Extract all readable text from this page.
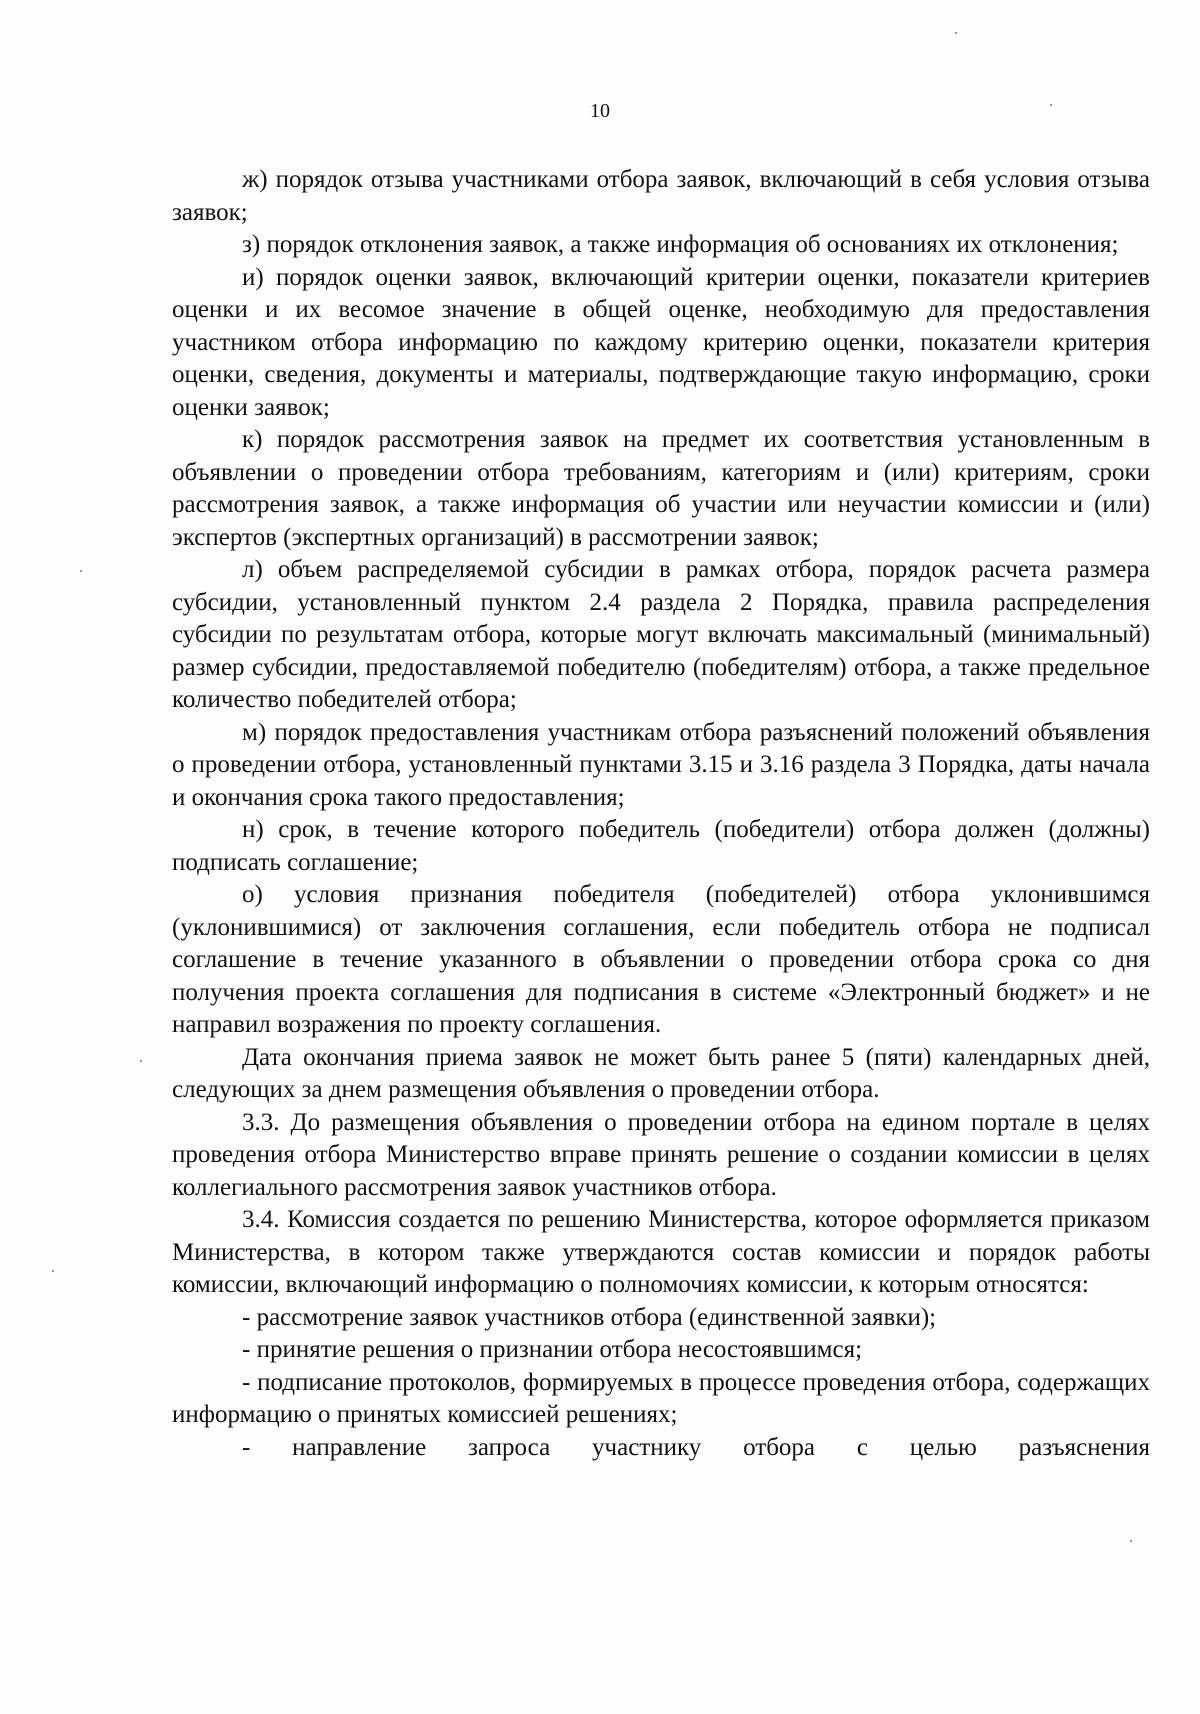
10

ж) порядок отзыва участниками отбора заявок, включающий в себя условия отзыва заявок;

з) порядок отклонения заявок, а также информация об основаниях их отклонения;

и) порядок оценки заявок, включающий критерии оценки, показатели критериев оценки и их весомое значение в общей оценке, необходимую для предоставления участником отбора информацию по каждому критерию оценки, показатели критерия оценки, сведения, документы и материалы, подтверждающие такую информацию, сроки оценки заявок;

к) порядок рассмотрения заявок на предмет их соответствия установленным в объявлении о проведении отбора требованиям, категориям и (или) критериям, сроки рассмотрения заявок, а также информация об участии или неучастии комиссии и (или) экспертов (экспертных организаций) в рассмотрении заявок;

л) объем распределяемой субсидии в рамках отбора, порядок расчета размера субсидии, установленный пунктом 2.4 раздела 2 Порядка, правила распределения субсидии по результатам отбора, которые могут включать максимальный (минимальный) размер субсидии, предоставляемой победителю (победителям) отбора, а также предельное количество победителей отбора;

м) порядок предоставления участникам отбора разъяснений положений объявления о проведении отбора, установленный пунктами 3.15 и 3.16 раздела 3 Порядка, даты начала и окончания срока такого предоставления;

н) срок, в течение которого победитель (победители) отбора должен (должны) подписать соглашение;

о) условия признания победителя (победителей) отбора уклонившимся (уклонившимися) от заключения соглашения, если победитель отбора не подписал соглашение в течение указанного в объявлении о проведении отбора срока со дня получения проекта соглашения для подписания в системе «Электронный бюджет» и не направил возражения по проекту соглашения.

Дата окончания приема заявок не может быть ранее 5 (пяти) календарных дней, следующих за днем размещения объявления о проведении отбора.

3.3. До размещения объявления о проведении отбора на едином портале в целях проведения отбора Министерство вправе принять решение о создании комиссии в целях коллегиального рассмотрения заявок участников отбора.

3.4. Комиссия создается по решению Министерства, которое оформляется приказом Министерства, в котором также утверждаются состав комиссии и порядок работы комиссии, включающий информацию о полномочиях комиссии, к которым относятся:

- рассмотрение заявок участников отбора (единственной заявки);

- принятие решения о признании отбора несостоявшимся;

- подписание протоколов, формируемых в процессе проведения отбора, содержащих информацию о принятых комиссией решениях;

- направление запроса участнику отбора с целью разъяснения
